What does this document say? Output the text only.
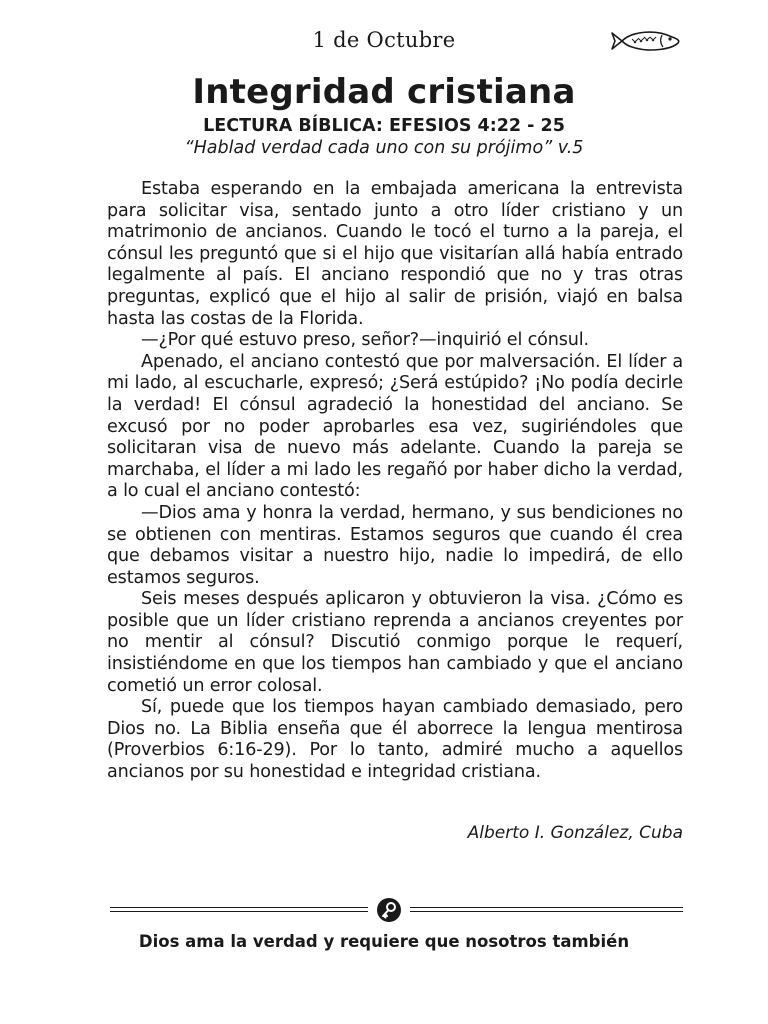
1 de Octubre
Integridad cristiana
LECTURA BÍBLICA: EFESIOS 4:22 - 25
“Hablad verdad cada uno con su prójimo” v.5

Estaba esperando en la embajada americana la entrevista para solicitar visa, sentado junto a otro líder cristiano y un matrimonio de ancianos. Cuando le tocó el turno a la pareja, el cónsul les preguntó que si el hijo que visitarían allá había entrado legalmente al país. El anciano respondió que no y tras otras preguntas, explicó que el hijo al salir de prisión, viajó en balsa hasta las costas de la Florida.

—¿Por qué estuvo preso, señor?—inquirió el cónsul.

Apenado, el anciano contestó que por malversación. El líder a mi lado, al escucharle, expresó; ¿Será estúpido? ¡No podía decirle la verdad! El cónsul agradeció la honestidad del anciano. Se excusó por no poder aprobarles esa vez, sugiriéndoles que solicitaran visa de nuevo más adelante. Cuando la pareja se marchaba, el líder a mi lado les regañó por haber dicho la verdad, a lo cual el anciano contestó:

—Dios ama y honra la verdad, hermano, y sus bendiciones no se obtienen con mentiras. Estamos seguros que cuando él crea que debamos visitar a nuestro hijo, nadie lo impedirá, de ello estamos seguros.

Seis meses después aplicaron y obtuvieron la visa. ¿Cómo es posible que un líder cristiano reprenda a ancianos creyentes por no mentir al cónsul? Discutió conmigo porque le requerí, insistiéndome en que los tiempos han cambiado y que el anciano cometió un error colosal.

Sí, puede que los tiempos hayan cambiado demasiado, pero Dios no. La Biblia enseña que él aborrece la lengua mentirosa (Proverbios 6:16-29). Por lo tanto, admiré mucho a aquellos ancianos por su honestidad e integridad cristiana.

Alberto I. González, Cuba
Dios ama la verdad y requiere que nosotros también
